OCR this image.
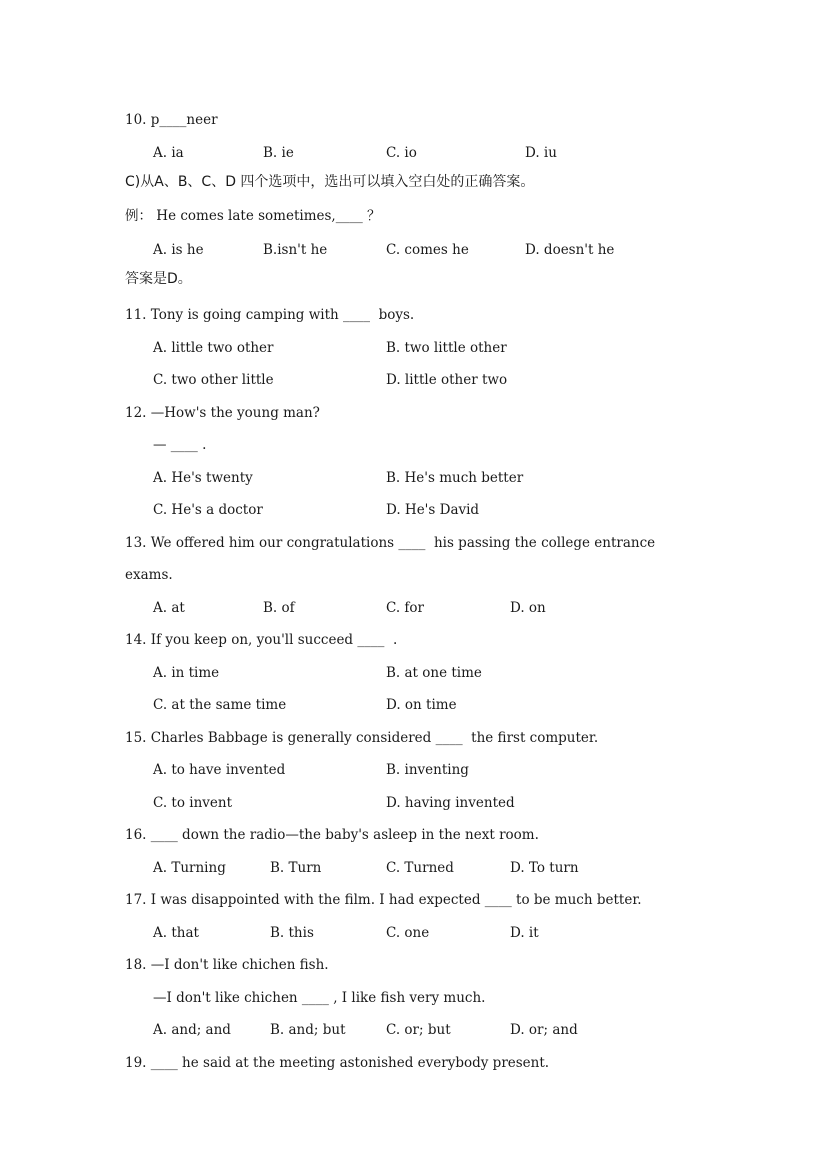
10. p____neer
A. ia	B. ie	C. io	D. iu
C)从A、B、C、D 四个选项中，选出可以填入空白处的正确答案。
例： He comes late sometimes,____ ？
A. is he	B.isn't he	C. comes he	D. doesn't he
答案是D。
11. Tony is going camping with ____  boys.
A. little two other	B. two little other
C. two other little	D. little other two
12. —How's the young man?
— ____ .
A. He's twenty	B. He's much better
C. He's a doctor	D. He's David
13. We offered him our congratulations ____  his passing the college entrance
exams.
A. at	B. of	C. for	D. on
14. If you keep on, you'll succeed ____  .
A. in time	B. at one time
C. at the same time	D. on time
15. Charles Babbage is generally considered ____  the first computer.
A. to have invented	B. inventing
C. to invent	D. having invented
16. ____ down the radio—the baby's asleep in the next room.
A. Turning	B. Turn	C. Turned	D. To turn
17. I was disappointed with the film. I had expected ____ to be much better.
A. that	B. this	C. one	D. it
18. —I don't like chichen fish.
—I don't like chichen ____ , I like fish very much.
A. and; and	B. and; but	C. or; but	D. or; and
19. ____ he said at the meeting astonished everybody present.
